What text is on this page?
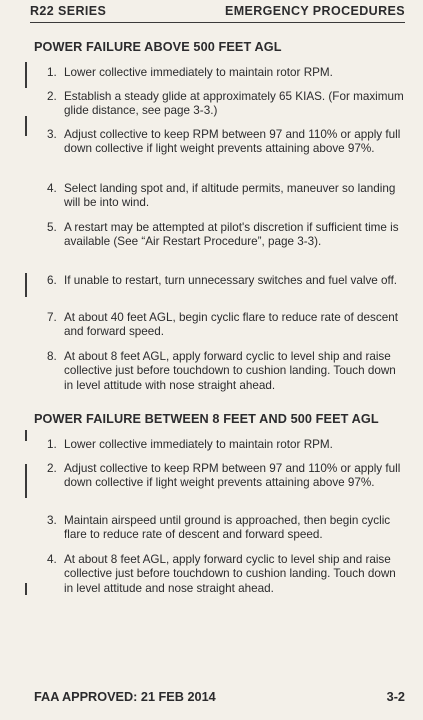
R22 SERIES	EMERGENCY PROCEDURES
POWER FAILURE ABOVE 500 FEET AGL
1. Lower collective immediately to maintain rotor RPM.
2. Establish a steady glide at approximately 65 KIAS. (For maximum glide distance, see page 3-3.)
3. Adjust collective to keep RPM between 97 and 110% or apply full down collective if light weight prevents attaining above 97%.
4. Select landing spot and, if altitude permits, maneuver so landing will be into wind.
5. A restart may be attempted at pilot's discretion if sufficient time is available (See “Air Restart Procedure”, page 3-3).
6. If unable to restart, turn unnecessary switches and fuel valve off.
7. At about 40 feet AGL, begin cyclic flare to reduce rate of descent and forward speed.
8. At about 8 feet AGL, apply forward cyclic to level ship and raise collective just before touchdown to cushion landing. Touch down in level attitude with nose straight ahead.
POWER FAILURE BETWEEN 8 FEET AND 500 FEET AGL
1. Lower collective immediately to maintain rotor RPM.
2. Adjust collective to keep RPM between 97 and 110% or apply full down collective if light weight prevents attaining above 97%.
3. Maintain airspeed until ground is approached, then begin cyclic flare to reduce rate of descent and forward speed.
4. At about 8 feet AGL, apply forward cyclic to level ship and raise collective just before touchdown to cushion landing. Touch down in level attitude and nose straight ahead.
FAA APPROVED: 21 FEB 2014	3-2
